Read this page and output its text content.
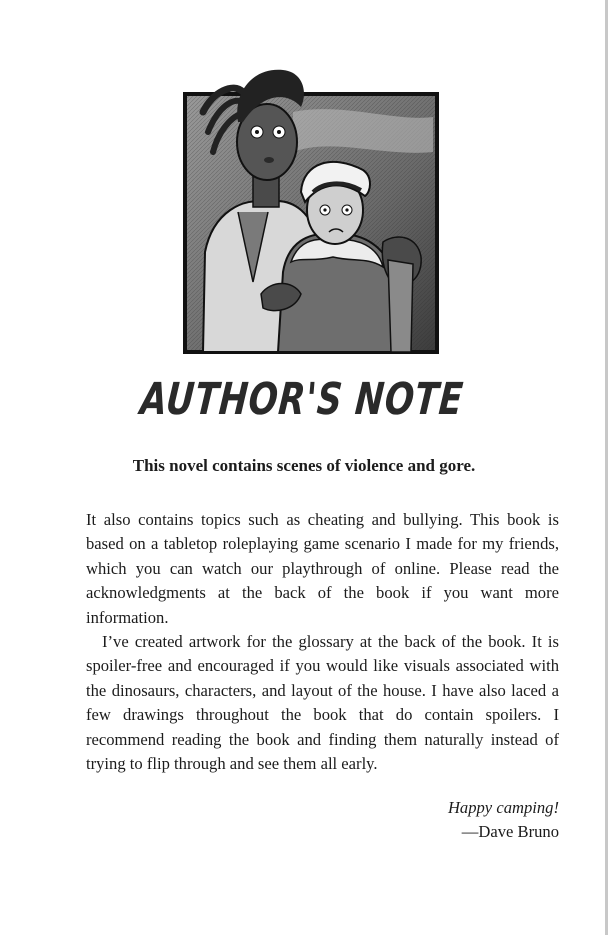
AUTHOR'S NOTE
This novel contains scenes of violence and gore.

It also contains topics such as cheating and bullying. This book is based on a tabletop roleplaying game scenario I made for my friends, which you can watch our playthrough of online. Please read the acknowledgments at the back of the book if you want more information.

I’ve created artwork for the glossary at the back of the book. It is spoiler-free and encouraged if you would like visuals associated with the dinosaurs, characters, and layout of the house. I have also laced a few drawings throughout the book that do contain spoilers. I recommend reading the book and finding them naturally instead of trying to flip through and see them all early.

Happy camping!
—Dave Bruno
